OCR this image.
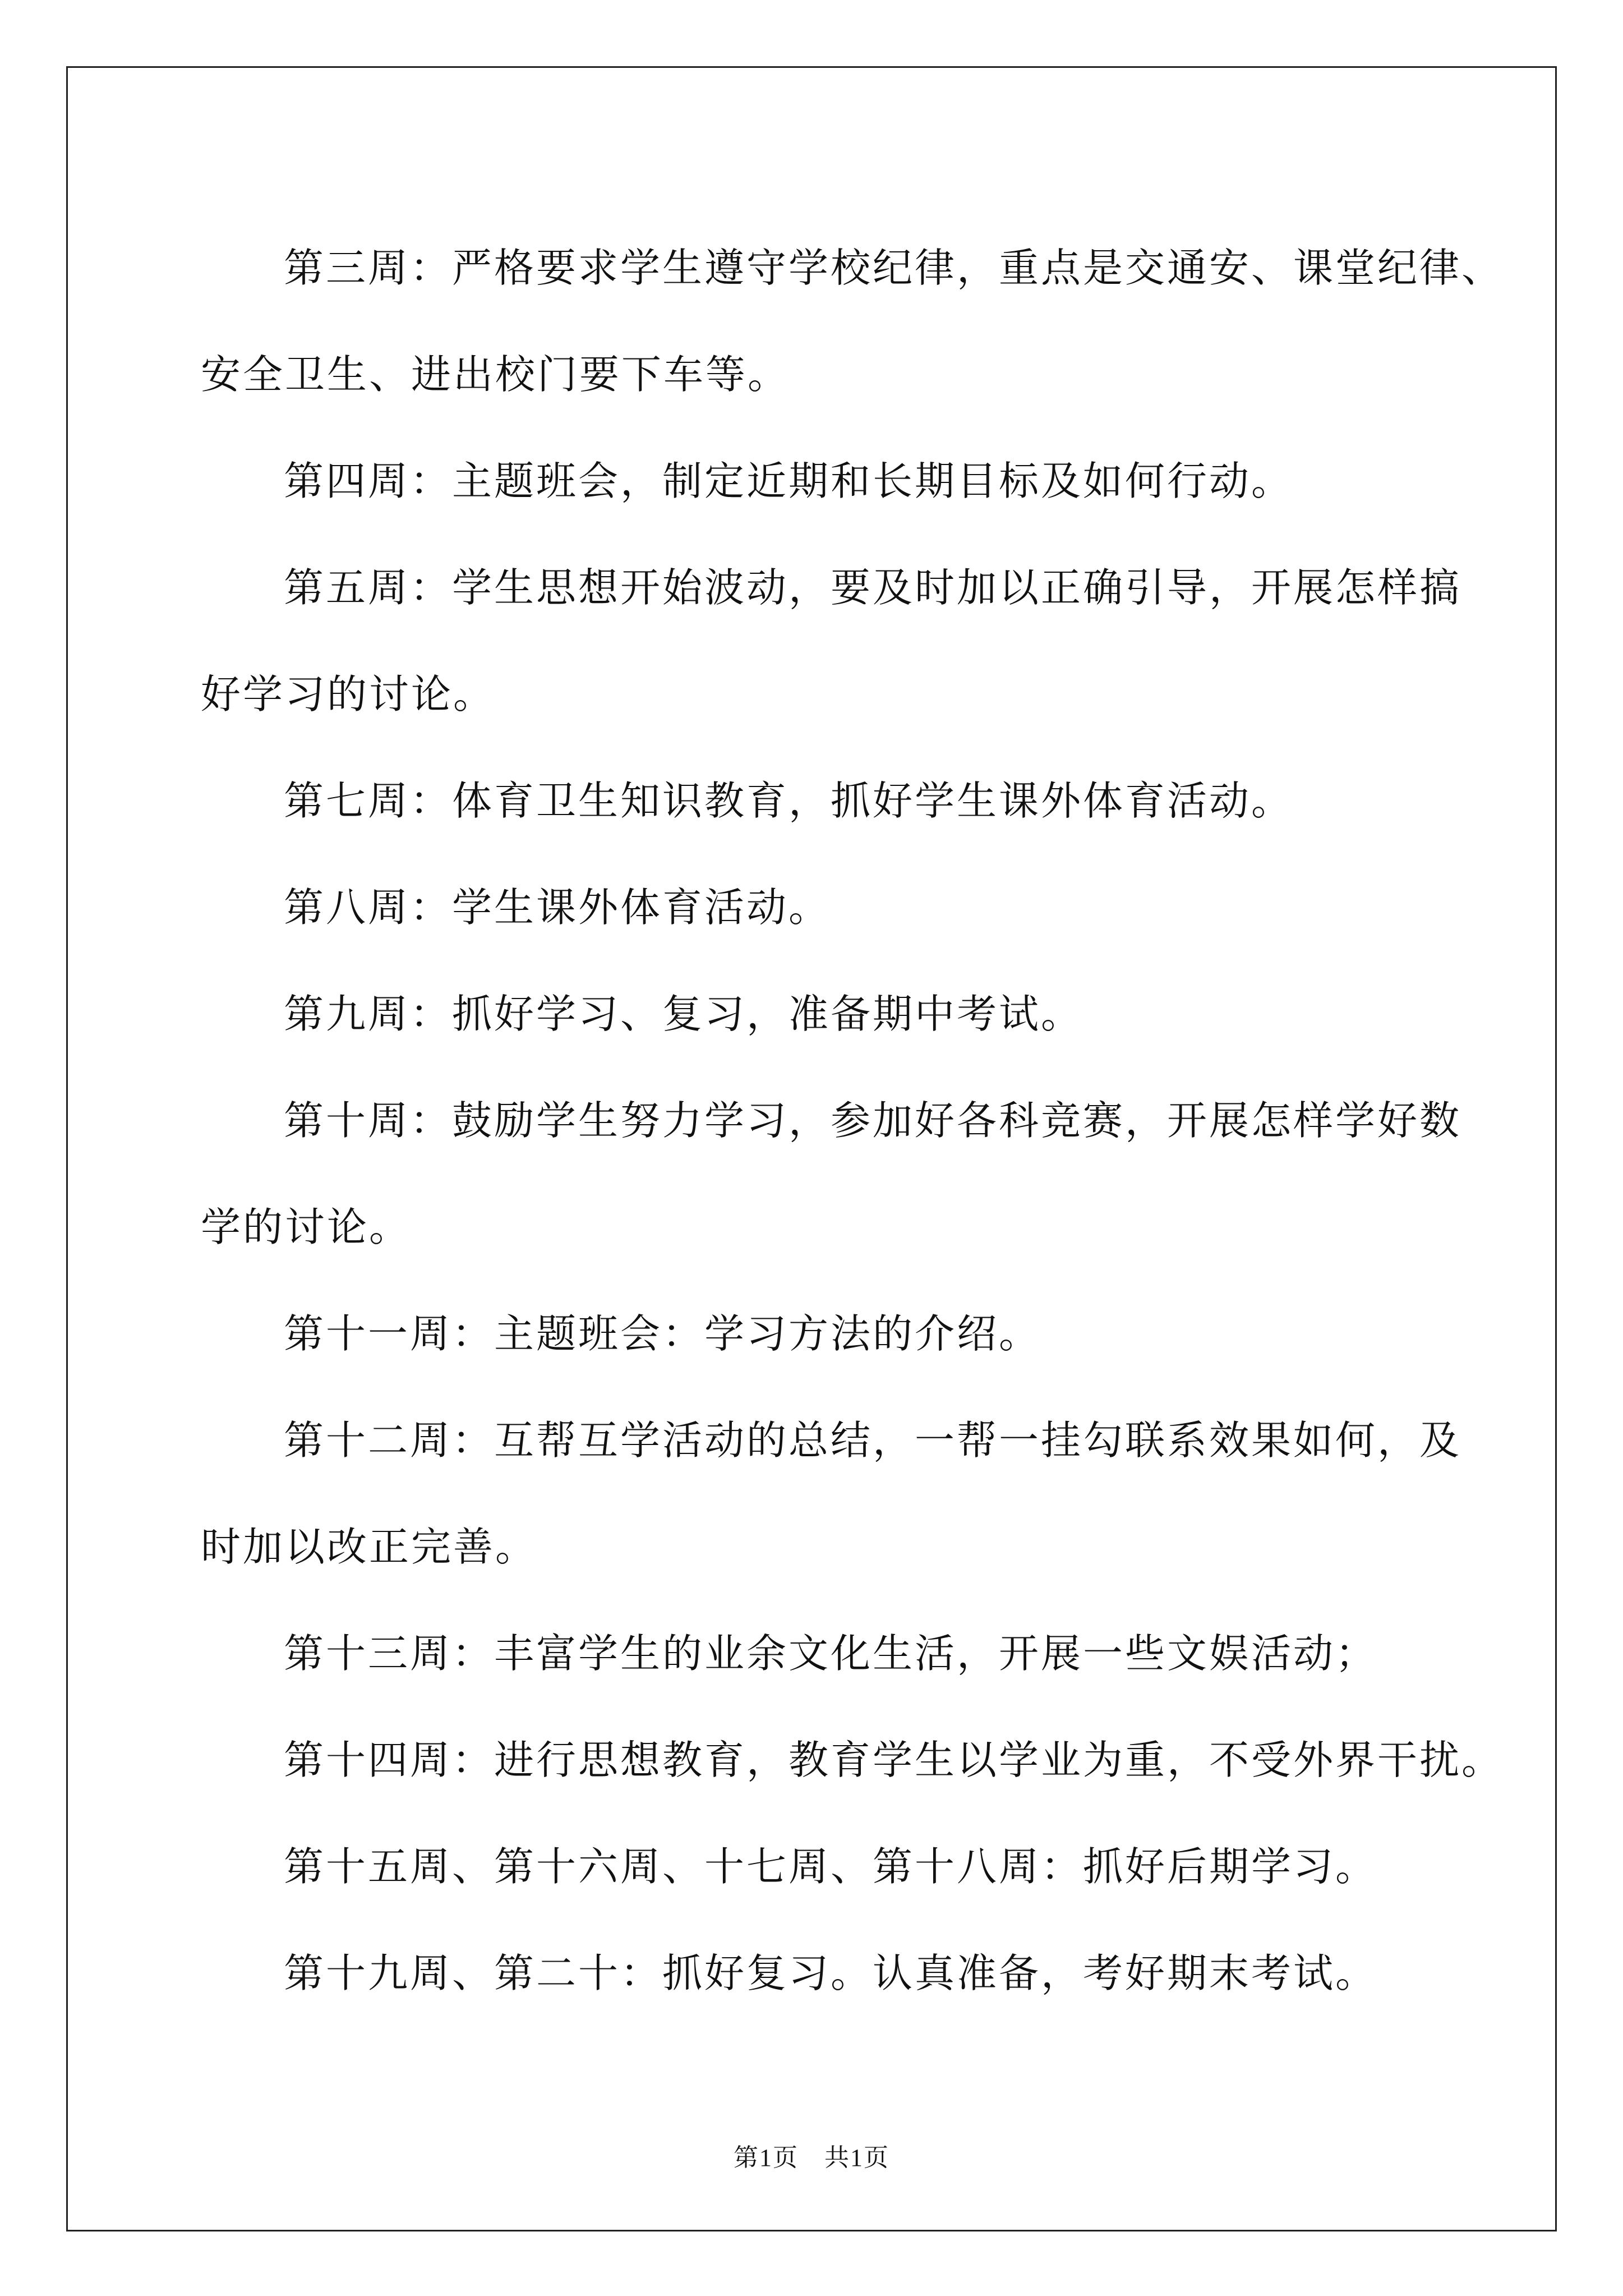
第三周：严格要求学生遵守学校纪律，重点是交通安、课堂纪律、
安全卫生、进出校门要下车等。
第四周：主题班会，制定近期和长期目标及如何行动。
第五周：学生思想开始波动，要及时加以正确引导，开展怎样搞
好学习的讨论。
第七周：体育卫生知识教育，抓好学生课外体育活动。
第八周：学生课外体育活动。
第九周：抓好学习、复习，准备期中考试。
第十周：鼓励学生努力学习，参加好各科竞赛，开展怎样学好数
学的讨论。
第十一周：主题班会：学习方法的介绍。
第十二周：互帮互学活动的总结，一帮一挂勾联系效果如何，及
时加以改正完善。
第十三周：丰富学生的业余文化生活，开展一些文娱活动；
第十四周：进行思想教育，教育学生以学业为重，不受外界干扰。
第十五周、第十六周、十七周、第十八周：抓好后期学习。
第十九周、第二十：抓好复习。认真准备，考好期末考试。
第1页　共1页
